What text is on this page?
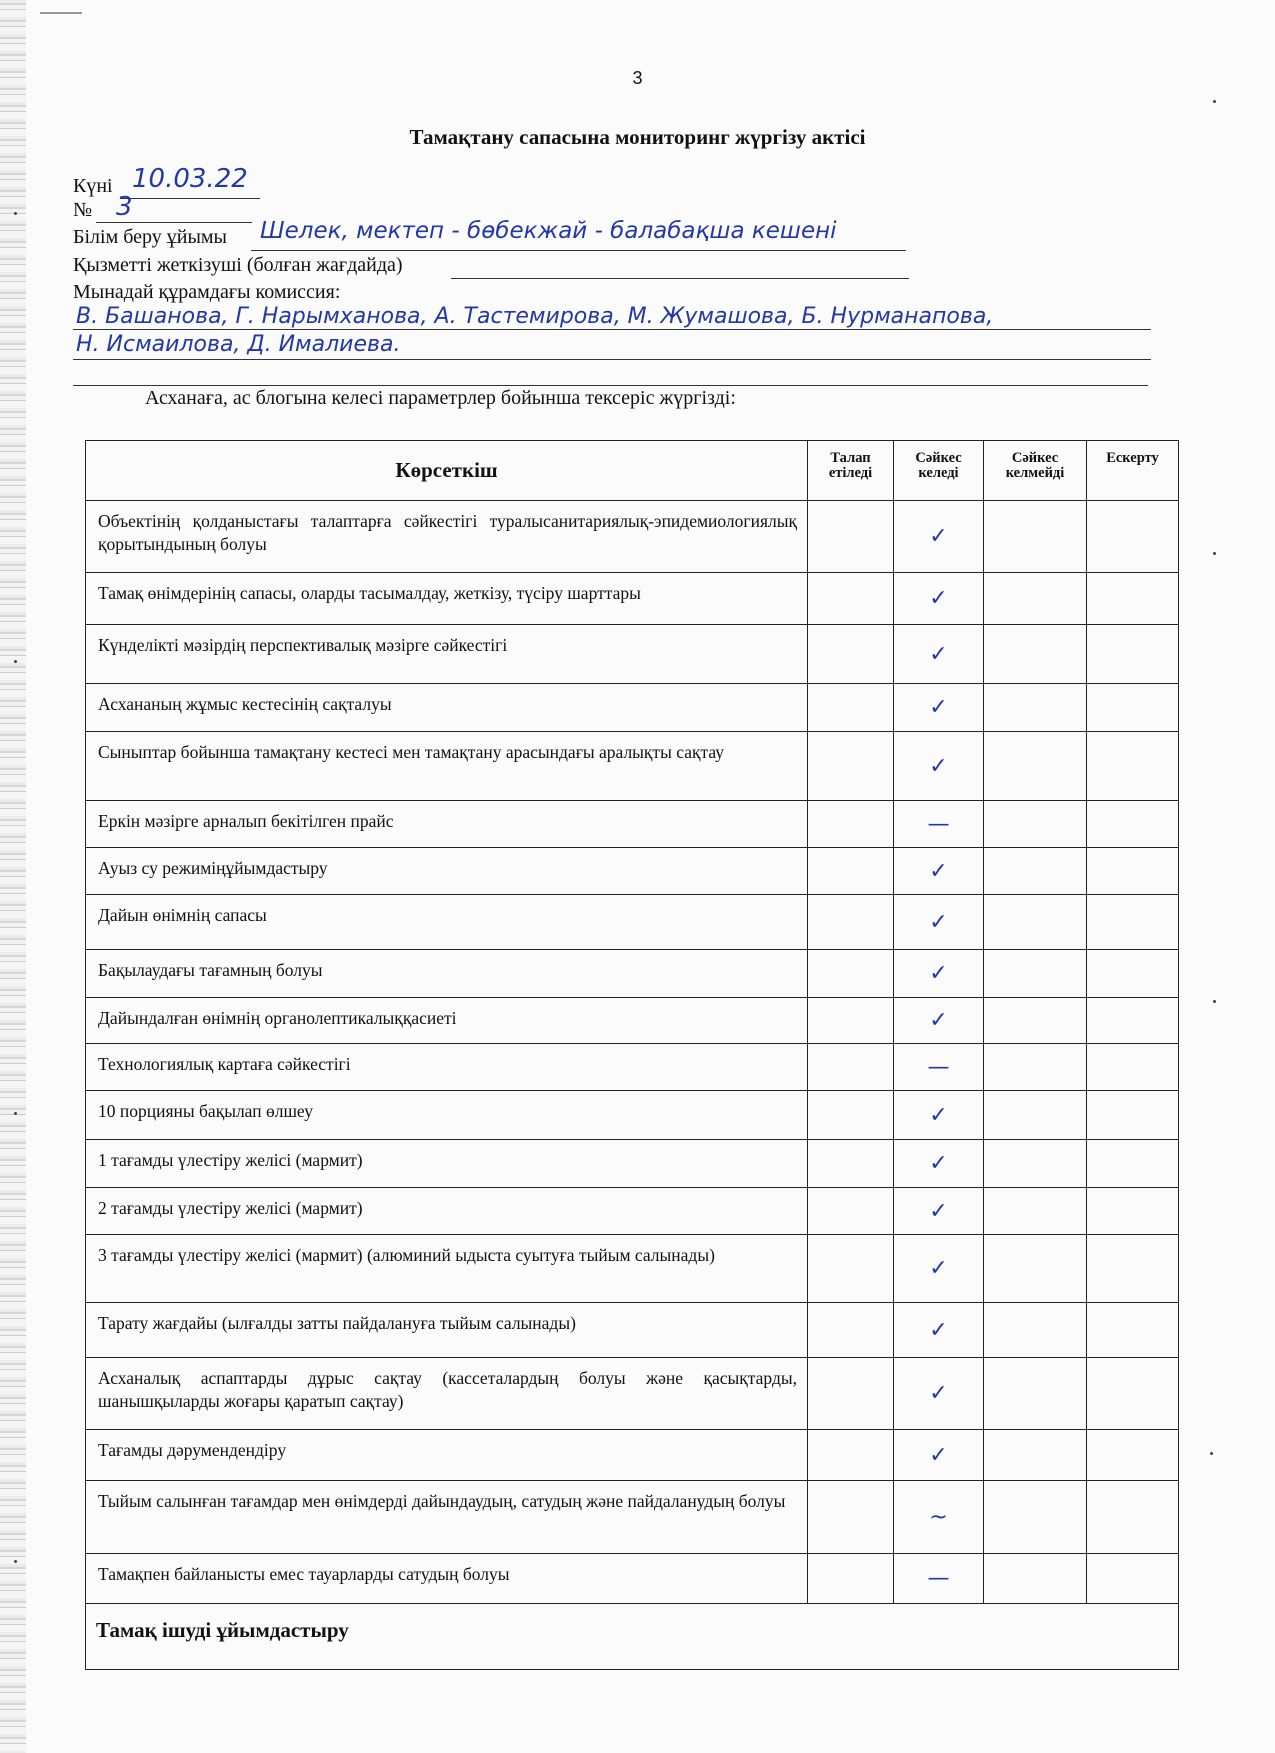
3
Тамақтану сапасына мониторинг жүргізу актісі
Күні 10.03.22
№ 3
Білім беру ұйымы Шелек, мектеп - бөбекжай - балабақша кешені
Қызметті жеткізуші (болған жағдайда)
Мынадай құрамдағы комиссия:
В. Башанова, Г. Нарымханова, А. Тастемирова, М. Жумашова, Б. Нурманапова,
Н. Исмаилова, Д. Ималиева.
Асханаға, ас блогына келесі параметрлер бойынша тексеріс жүргізді:
Көрсеткіш	Талап етіледі	Сәйкес келеді	Сәйкес келмейді	Ескерту
Объектінің қолданыстағы талаптарға сәйкестігі туралысанитариялық-эпидемиологиялық қорытындының болуы		✓		
Тамақ өнімдерінің сапасы, оларды тасымалдау, жеткізу, түсіру шарттары		✓		
Күнделікті мәзірдің перспективалық мәзірге сәйкестігі		✓		
Асхананың жұмыс кестесінің сақталуы		✓		
Сыныптар бойынша тамақтану кестесі мен тамақтану арасындағы аралықты сақтау		✓		
Еркін мәзірге арналып бекітілген прайс		—		
Ауыз су режиміңұйымдастыру		✓		
Дайын өнімнің сапасы		✓		
Бақылаудағы тағамның болуы		✓		
Дайындалған өнімнің органолептикалыққасиеті		✓		
Технологиялық картаға сәйкестігі		—		
10 порцияны бақылап өлшеу		✓		
1 тағамды үлестіру желісі (мармит)		✓		
2 тағамды үлестіру желісі (мармит)		✓		
3 тағамды үлестіру желісі (мармит) (алюминий ыдыста суытуға тыйым салынады)		✓		
Тарату жағдайы (ылғалды затты пайдалануға тыйым салынады)		✓		
Асханалық аспаптарды дұрыс сақтау (кассеталардың болуы және қасықтарды, шанышқыларды жоғары қаратып сақтау)		✓		
Тағамды дәрумендендіру		✓		
Тыйым салынған тағамдар мен өнімдерді дайындаудың, сатудың және пайдаланудың болуы		~		
Тамақпен байланысты емес тауарларды сатудың болуы		—		
Тамақ ішуді ұйымдастыру				
